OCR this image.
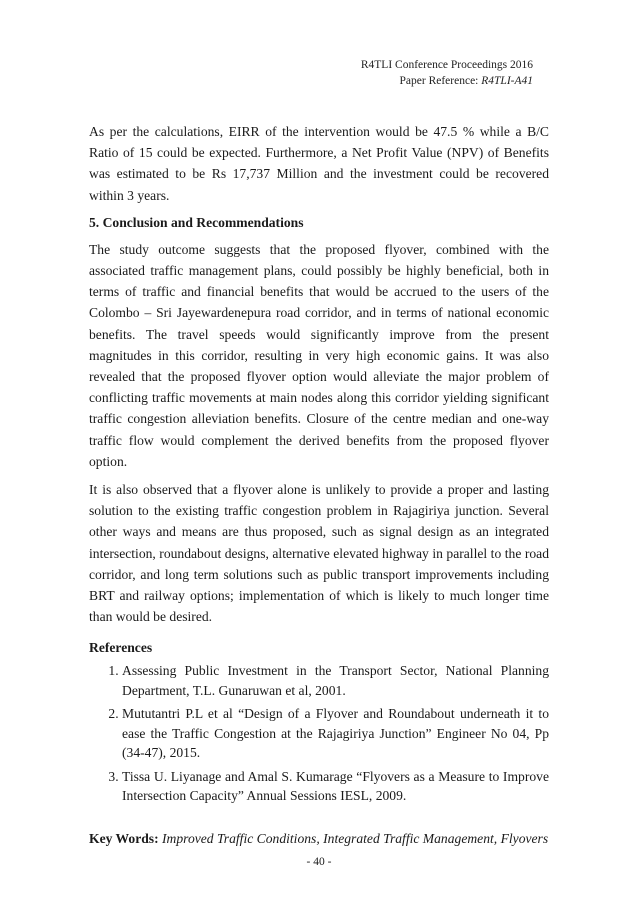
R4TLI Conference Proceedings 2016
Paper Reference: R4TLI-A41

As per the calculations, EIRR of the intervention would be 47.5 % while a B/C Ratio of 15 could be expected. Furthermore, a Net Profit Value (NPV) of Benefits was estimated to be Rs 17,737 Million and the investment could be recovered within 3 years.

5. Conclusion and Recommendations

The study outcome suggests that the proposed flyover, combined with the associated traffic management plans, could possibly be highly beneficial, both in terms of traffic and financial benefits that would be accrued to the users of the Colombo – Sri Jayewardenepura road corridor, and in terms of national economic benefits. The travel speeds would significantly improve from the present magnitudes in this corridor, resulting in very high economic gains. It was also revealed that the proposed flyover option would alleviate the major problem of conflicting traffic movements at main nodes along this corridor yielding significant traffic congestion alleviation benefits. Closure of the centre median and one-way traffic flow would complement the derived benefits from the proposed flyover option.

It is also observed that a flyover alone is unlikely to provide a proper and lasting solution to the existing traffic congestion problem in Rajagiriya junction. Several other ways and means are thus proposed, such as signal design as an integrated intersection, roundabout designs, alternative elevated highway in parallel to the road corridor, and long term solutions such as public transport improvements including BRT and railway options; implementation of which is likely to much longer time than would be desired.

References
1. Assessing Public Investment in the Transport Sector, National Planning Department, T.L. Gunaruwan et al, 2001.
2. Mututantri P.L et al “Design of a Flyover and Roundabout underneath it to ease the Traffic Congestion at the Rajagiriya Junction” Engineer No 04, Pp (34-47), 2015.
3. Tissa U. Liyanage and Amal S. Kumarage “Flyovers as a Measure to Improve Intersection Capacity” Annual Sessions IESL, 2009.
Key Words: Improved Traffic Conditions, Integrated Traffic Management, Flyovers
- 40 -
